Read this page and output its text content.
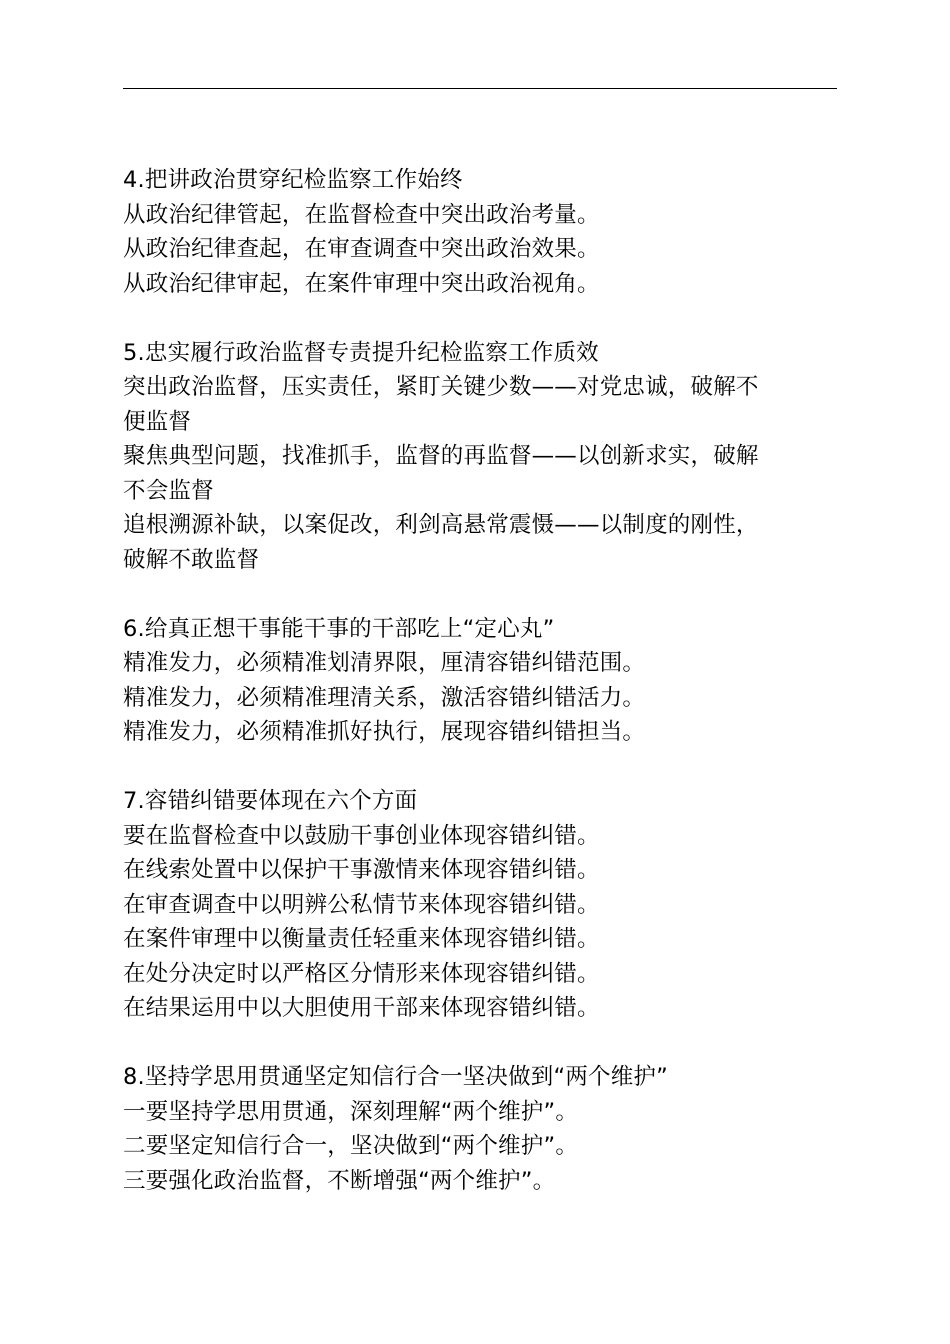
4.把讲政治贯穿纪检监察工作始终
从政治纪律管起，在监督检查中突出政治考量。
从政治纪律查起，在审查调查中突出政治效果。
从政治纪律审起，在案件审理中突出政治视角。
5.忠实履行政治监督专责提升纪检监察工作质效
突出政治监督，压实责任，紧盯关键少数——对党忠诚，破解不
便监督
聚焦典型问题，找准抓手，监督的再监督——以创新求实，破解
不会监督
追根溯源补缺，以案促改，利剑高悬常震慑——以制度的刚性，
破解不敢监督
6.给真正想干事能干事的干部吃上“定心丸”
精准发力，必须精准划清界限，厘清容错纠错范围。
精准发力，必须精准理清关系，激活容错纠错活力。
精准发力，必须精准抓好执行，展现容错纠错担当。
7.容错纠错要体现在六个方面
要在监督检查中以鼓励干事创业体现容错纠错。
在线索处置中以保护干事激情来体现容错纠错。
在审查调查中以明辨公私情节来体现容错纠错。
在案件审理中以衡量责任轻重来体现容错纠错。
在处分决定时以严格区分情形来体现容错纠错。
在结果运用中以大胆使用干部来体现容错纠错。
8.坚持学思用贯通坚定知信行合一坚决做到“两个维护”
一要坚持学思用贯通，深刻理解“两个维护”。
二要坚定知信行合一，坚决做到“两个维护”。
三要强化政治监督，不断增强“两个维护”。
